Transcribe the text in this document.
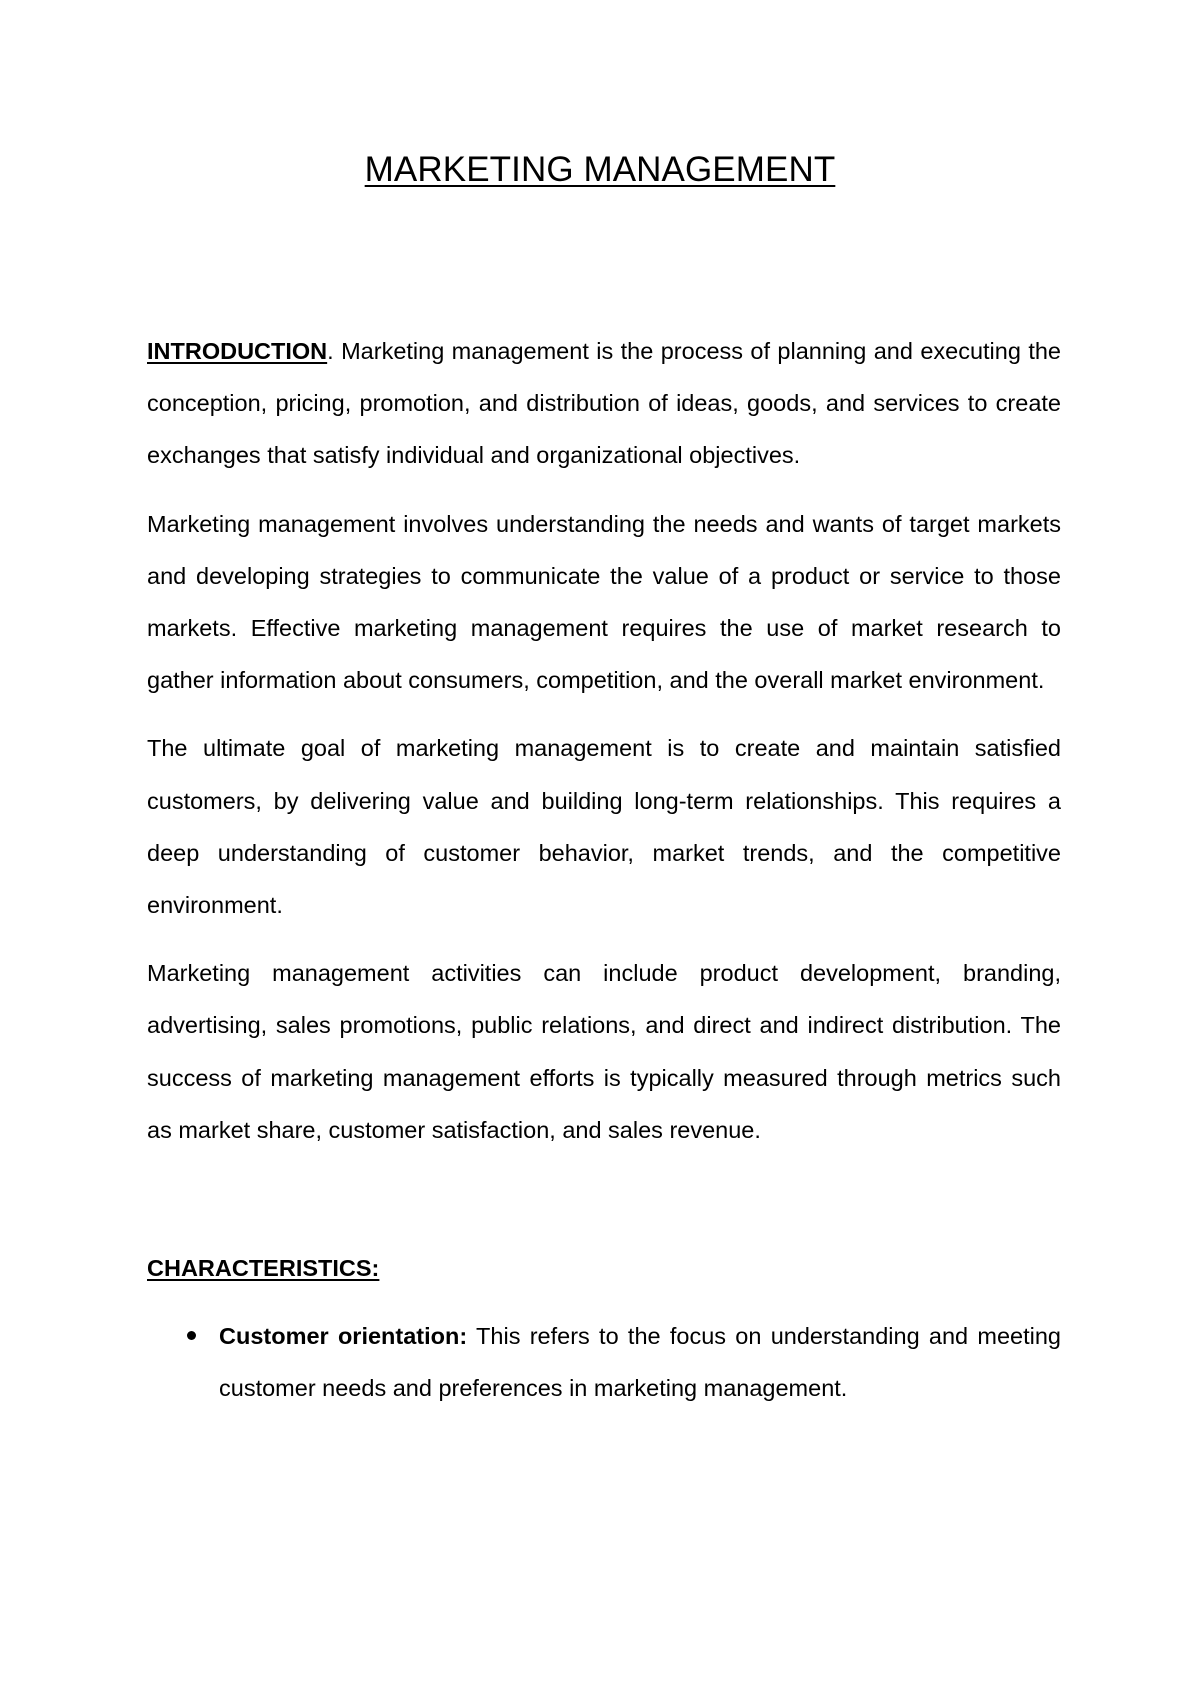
MARKETING MANAGEMENT

INTRODUCTION. Marketing management is the process of planning and executing the conception, pricing, promotion, and distribution of ideas, goods, and services to create exchanges that satisfy individual and organizational objectives.

Marketing management involves understanding the needs and wants of target markets and developing strategies to communicate the value of a product or service to those markets. Effective marketing management requires the use of market research to gather information about consumers, competition, and the overall market environment.

The ultimate goal of marketing management is to create and maintain satisfied customers, by delivering value and building long-term relationships. This requires a deep understanding of customer behavior, market trends, and the competitive environment.

Marketing management activities can include product development, branding, advertising, sales promotions, public relations, and direct and indirect distribution. The success of marketing management efforts is typically measured through metrics such as market share, customer satisfaction, and sales revenue.

CHARACTERISTICS:

Customer orientation: This refers to the focus on understanding and meeting customer needs and preferences in marketing management.
